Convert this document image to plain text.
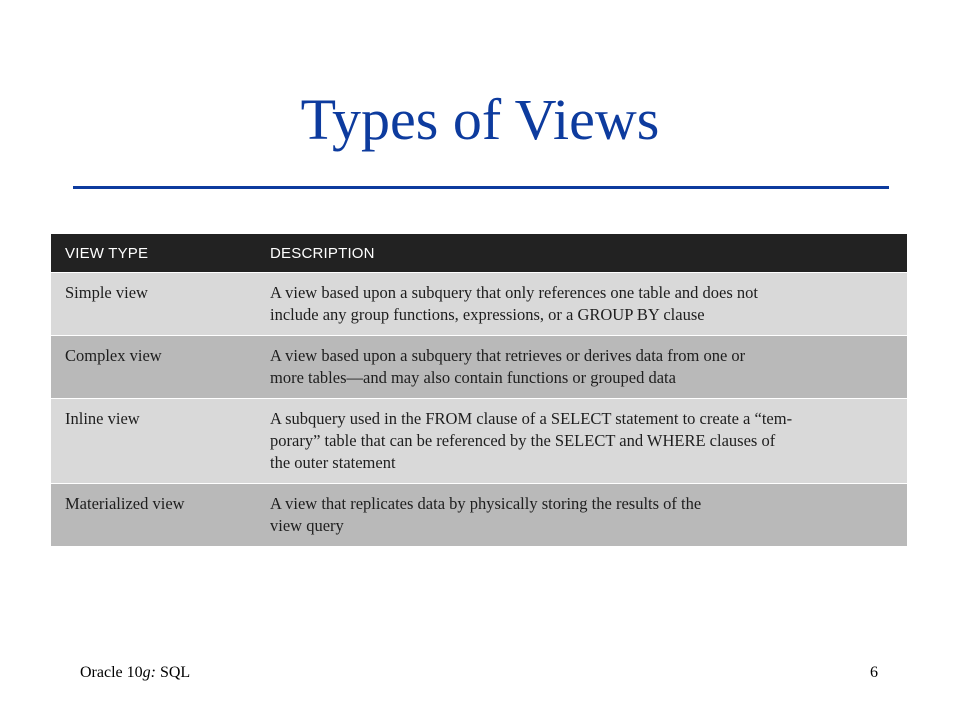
Types of Views
VIEW TYPE	DESCRIPTION
Simple view	A view based upon a subquery that only references one table and does not
include any group functions, expressions, or a GROUP BY clause
Complex view	A view based upon a subquery that retrieves or derives data from one or
more tables—and may also contain functions or grouped data
Inline view	A subquery used in the FROM clause of a SELECT statement to create a “tem-
porary” table that can be referenced by the SELECT and WHERE clauses of
the outer statement
Materialized view	A view that replicates data by physically storing the results of the
view query
Oracle 10g: SQL	6
